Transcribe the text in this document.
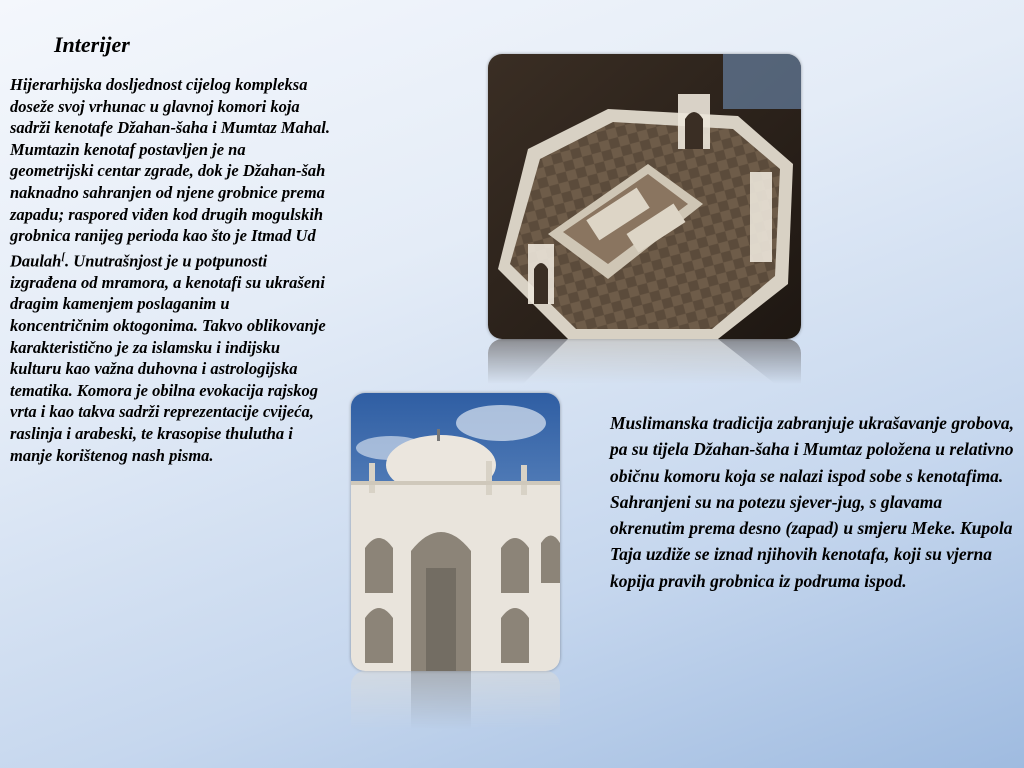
Interijer

Hijerarhijska dosljednost cijelog kompleksa doseže svoj vrhunac u glavnoj komori koja sadrži kenotafe Džahan-šaha i Mumtaz Mahal. Mumtazin kenotaf postavljen je na geometrijski centar zgrade, dok je Džahan-šah naknadno sahranjen od njene grobnice prema zapadu; raspored viđen kod drugih mogulskih grobnica ranijeg perioda kao što je Itmad Ud Daulah[. Unutrašnjost je u potpunosti izgrađena od mramora, a kenotafi su ukrašeni dragim kamenjem poslaganim u koncentričnim oktogonima. Takvo oblikovanje karakteristično je za islamsku i indijsku kulturu kao važna duhovna i astrologijska tematika. Komora je obilna evokacija rajskog vrta i kao takva sadrži reprezentacije cvijeća, raslinja i arabeski, te krasopise thulutha i manje korištenog nash pisma.

Muslimanska tradicija zabranjuje ukrašavanje grobova, pa su tijela Džahan-šaha i Mumtaz položena u relativno običnu komoru koja se nalazi ispod sobe s kenotafima. Sahranjeni su na potezu sjever-jug, s glavama okrenutim prema desno (zapad) u smjeru Meke. Kupola Taja uzdiže se iznad njihovih kenotafa, koji su vjerna kopija pravih grobnica iz podruma ispod.
